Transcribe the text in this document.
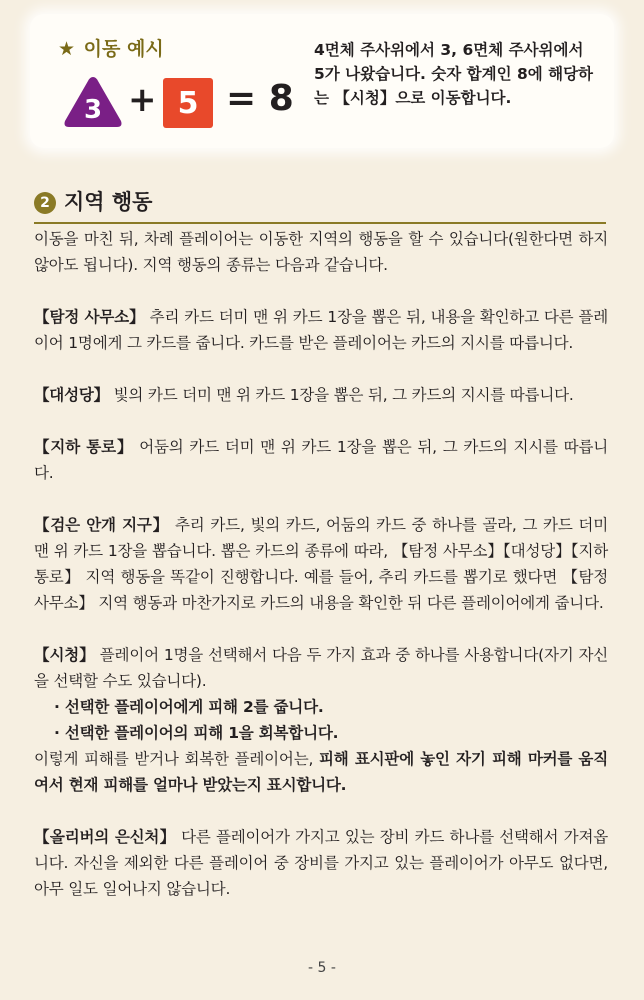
★ 이동 예시
3 + 5 = 8
4면체 주사위에서 3, 6면체 주사위에서 5가 나왔습니다. 숫자 합계인 8에 해당하는 【시청】으로 이동합니다.
2 지역 행동

이동을 마친 뒤, 차례 플레이어는 이동한 지역의 행동을 할 수 있습니다(원한다면 하지 않아도 됩니다). 지역 행동의 종류는 다음과 같습니다.

【탐정 사무소】 추리 카드 더미 맨 위 카드 1장을 뽑은 뒤, 내용을 확인하고 다른 플레이어 1명에게 그 카드를 줍니다. 카드를 받은 플레이어는 카드의 지시를 따릅니다.

【대성당】 빛의 카드 더미 맨 위 카드 1장을 뽑은 뒤, 그 카드의 지시를 따릅니다.

【지하 통로】 어둠의 카드 더미 맨 위 카드 1장을 뽑은 뒤, 그 카드의 지시를 따릅니다.

【검은 안개 지구】 추리 카드, 빛의 카드, 어둠의 카드 중 하나를 골라, 그 카드 더미 맨 위 카드 1장을 뽑습니다. 뽑은 카드의 종류에 따라, 【탐정 사무소】【대성당】【지하 통로】 지역 행동을 똑같이 진행합니다. 예를 들어, 추리 카드를 뽑기로 했다면 【탐정 사무소】 지역 행동과 마찬가지로 카드의 내용을 확인한 뒤 다른 플레이어에게 줍니다.

【시청】 플레이어 1명을 선택해서 다음 두 가지 효과 중 하나를 사용합니다(자기 자신을 선택할 수도 있습니다).

· 선택한 플레이어에게 피해 2를 줍니다.
· 선택한 플레이어의 피해 1을 회복합니다.

이렇게 피해를 받거나 회복한 플레이어는, 피해 표시판에 놓인 자기 피해 마커를 움직여서 현재 피해를 얼마나 받았는지 표시합니다.

【올리버의 은신처】 다른 플레이어가 가지고 있는 장비 카드 하나를 선택해서 가져옵니다. 자신을 제외한 다른 플레이어 중 장비를 가지고 있는 플레이어가 아무도 없다면, 아무 일도 일어나지 않습니다.

- 5 -
